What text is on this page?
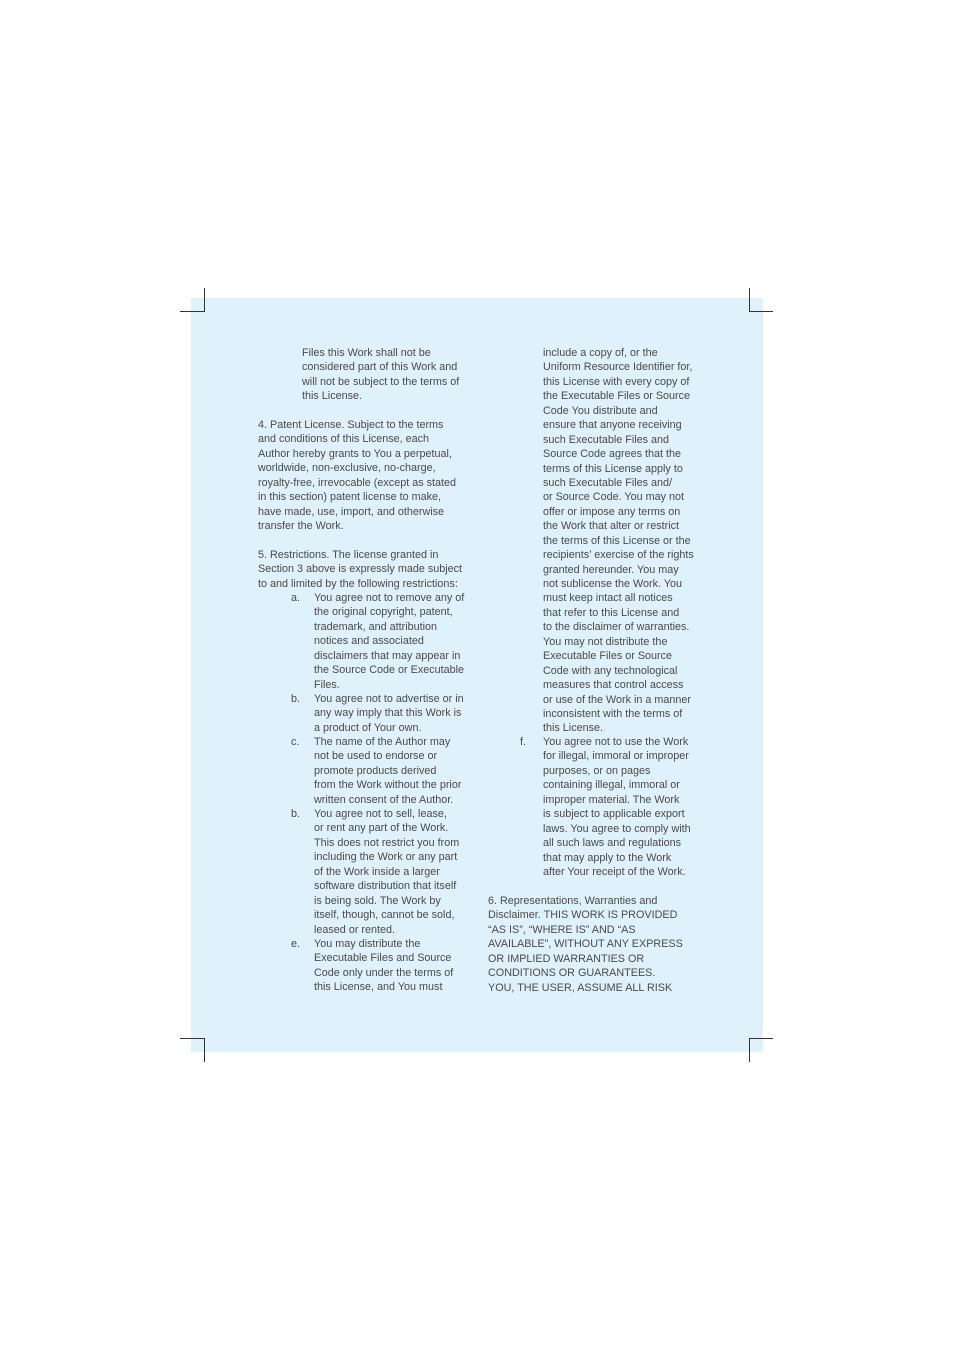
Files this Work shall not be
considered part of this Work and
will not be subject to the terms of
this License.
4. Patent License. Subject to the terms
and conditions of this License, each
Author hereby grants to You a perpetual,
worldwide, non-exclusive, no-charge,
royalty-free, irrevocable (except as stated
in this section) patent license to make,
have made, use, import, and otherwise
transfer the Work.
5. Restrictions. The license granted in
Section 3 above is expressly made subject
to and limited by the following restrictions:
a. You agree not to remove any of
the original copyright, patent,
trademark, and attribution
notices and associated
disclaimers that may appear in
the Source Code or Executable
Files.
b. You agree not to advertise or in
any way imply that this Work is
a product of Your own.
c. The name of the Author may
not be used to endorse or
promote products derived
from the Work without the prior
written consent of the Author.
b. You agree not to sell, lease,
or rent any part of the Work.
This does not restrict you from
including the Work or any part
of the Work inside a larger
software distribution that itself
is being sold. The Work by
itself, though, cannot be sold,
leased or rented.
e. You may distribute the
Executable Files and Source
Code only under the terms of
this License, and You must
include a copy of, or the
Uniform Resource Identifier for,
this License with every copy of
the Executable Files or Source
Code You distribute and
ensure that anyone receiving
such Executable Files and
Source Code agrees that the
terms of this License apply to
such Executable Files and/
or Source Code. You may not
offer or impose any terms on
the Work that alter or restrict
the terms of this License or the
recipients’ exercise of the rights
granted hereunder. You may
not sublicense the Work. You
must keep intact all notices
that refer to this License and
to the disclaimer of warranties.
You may not distribute the
Executable Files or Source
Code with any technological
measures that control access
or use of the Work in a manner
inconsistent with the terms of
this License.
f. You agree not to use the Work
for illegal, immoral or improper
purposes, or on pages
containing illegal, immoral or
improper material. The Work
is subject to applicable export
laws. You agree to comply with
all such laws and regulations
that may apply to the Work
after Your receipt of the Work.
6. Representations, Warranties and
Disclaimer. THIS WORK IS PROVIDED
“AS IS”, “WHERE IS” AND “AS
AVAILABLE”, WITHOUT ANY EXPRESS
OR IMPLIED WARRANTIES OR
CONDITIONS OR GUARANTEES.
YOU, THE USER, ASSUME ALL RISK
